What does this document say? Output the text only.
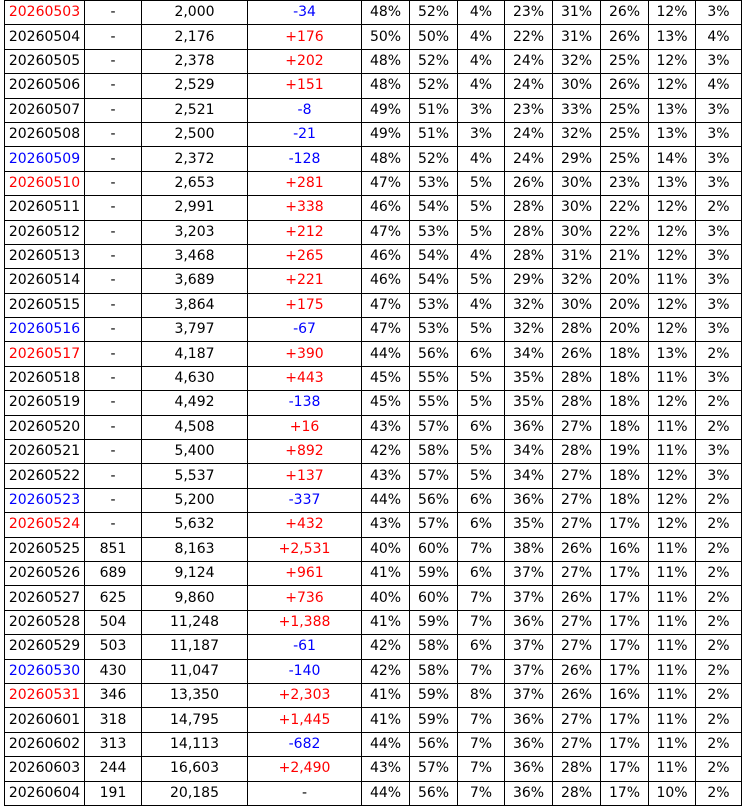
20260503	-	2,000	-34	48%	52%	4%	23%	31%	26%	12%	3%
20260504	-	2,176	+176	50%	50%	4%	22%	31%	26%	13%	4%
20260505	-	2,378	+202	48%	52%	4%	24%	32%	25%	12%	3%
20260506	-	2,529	+151	48%	52%	4%	24%	30%	26%	12%	4%
20260507	-	2,521	-8	49%	51%	3%	23%	33%	25%	13%	3%
20260508	-	2,500	-21	49%	51%	3%	24%	32%	25%	13%	3%
20260509	-	2,372	-128	48%	52%	4%	24%	29%	25%	14%	3%
20260510	-	2,653	+281	47%	53%	5%	26%	30%	23%	13%	3%
20260511	-	2,991	+338	46%	54%	5%	28%	30%	22%	12%	2%
20260512	-	3,203	+212	47%	53%	5%	28%	30%	22%	12%	3%
20260513	-	3,468	+265	46%	54%	4%	28%	31%	21%	12%	3%
20260514	-	3,689	+221	46%	54%	5%	29%	32%	20%	11%	3%
20260515	-	3,864	+175	47%	53%	4%	32%	30%	20%	12%	3%
20260516	-	3,797	-67	47%	53%	5%	32%	28%	20%	12%	3%
20260517	-	4,187	+390	44%	56%	6%	34%	26%	18%	13%	2%
20260518	-	4,630	+443	45%	55%	5%	35%	28%	18%	11%	3%
20260519	-	4,492	-138	45%	55%	5%	35%	28%	18%	12%	2%
20260520	-	4,508	+16	43%	57%	6%	36%	27%	18%	11%	2%
20260521	-	5,400	+892	42%	58%	5%	34%	28%	19%	11%	3%
20260522	-	5,537	+137	43%	57%	5%	34%	27%	18%	12%	3%
20260523	-	5,200	-337	44%	56%	6%	36%	27%	18%	12%	2%
20260524	-	5,632	+432	43%	57%	6%	35%	27%	17%	12%	2%
20260525	851	8,163	+2,531	40%	60%	7%	38%	26%	16%	11%	2%
20260526	689	9,124	+961	41%	59%	6%	37%	27%	17%	11%	2%
20260527	625	9,860	+736	40%	60%	7%	37%	26%	17%	11%	2%
20260528	504	11,248	+1,388	41%	59%	7%	36%	27%	17%	11%	2%
20260529	503	11,187	-61	42%	58%	6%	37%	27%	17%	11%	2%
20260530	430	11,047	-140	42%	58%	7%	37%	26%	17%	11%	2%
20260531	346	13,350	+2,303	41%	59%	8%	37%	26%	16%	11%	2%
20260601	318	14,795	+1,445	41%	59%	7%	36%	27%	17%	11%	2%
20260602	313	14,113	-682	44%	56%	7%	36%	27%	17%	11%	2%
20260603	244	16,603	+2,490	43%	57%	7%	36%	28%	17%	11%	2%
20260604	191	20,185	-	44%	56%	7%	36%	28%	17%	10%	2%
